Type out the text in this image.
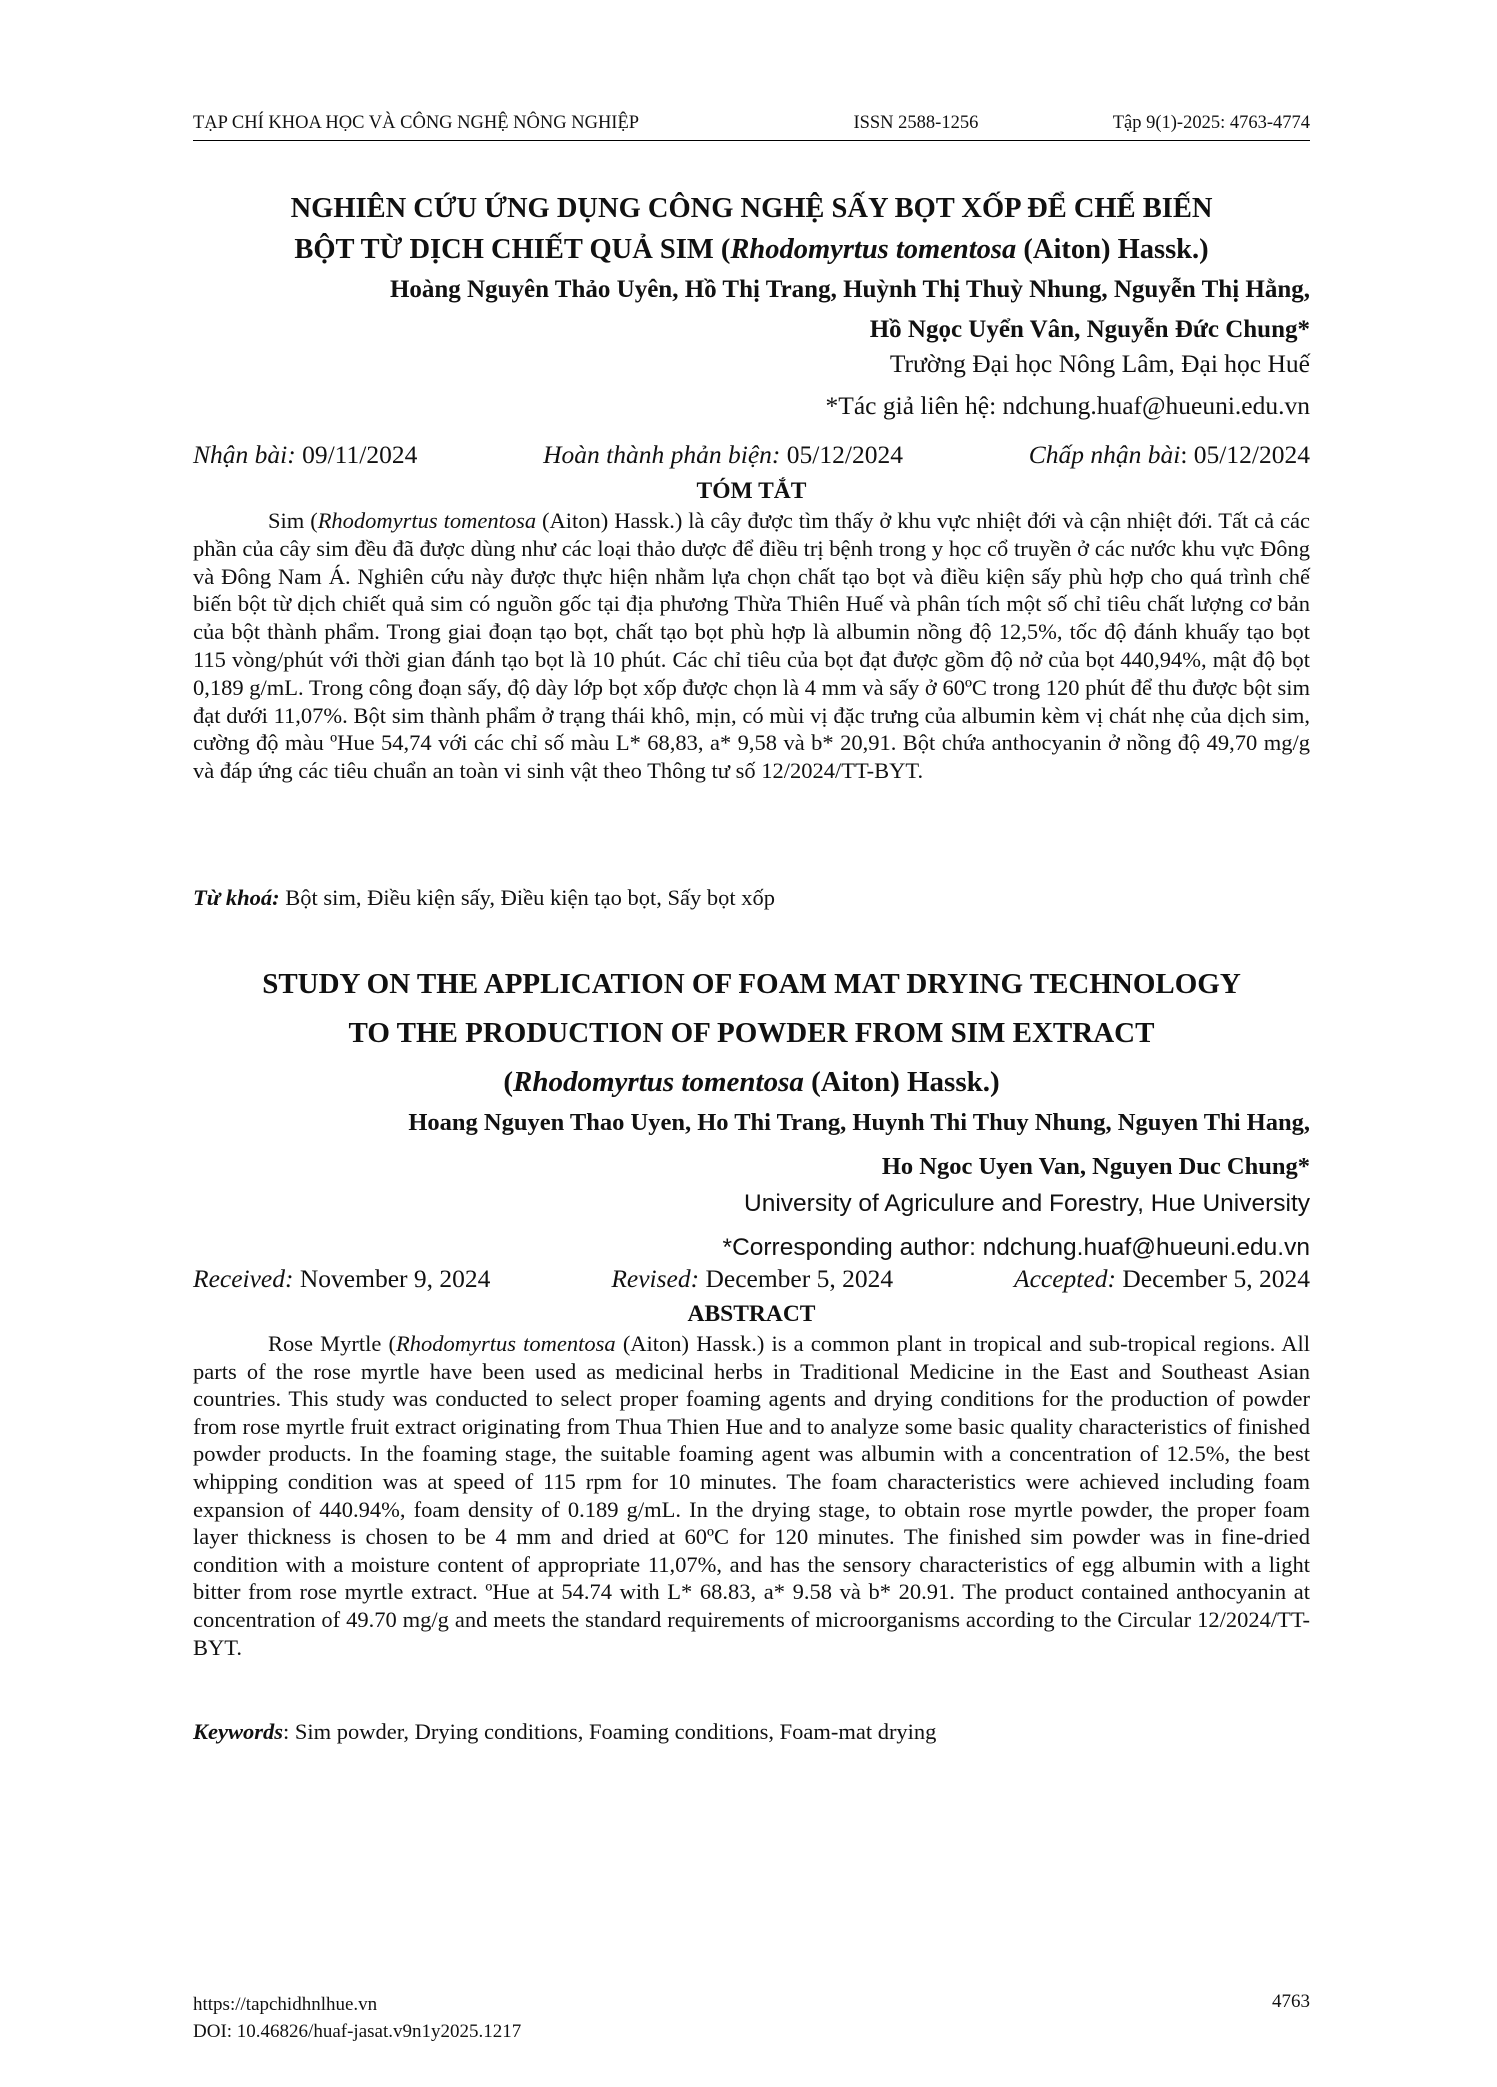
TẠP CHÍ KHOA HỌC VÀ CÔNG NGHỆ NÔNG NGHIỆP	ISSN 2588-1256	Tập 9(1)-2025: 4763-4774
NGHIÊN CỨU ỨNG DỤNG CÔNG NGHỆ SẤY BỌT XỐP ĐỂ CHẾ BIẾN
BỘT TỪ DỊCH CHIẾT QUẢ SIM (Rhodomyrtus tomentosa (Aiton) Hassk.)
Hoàng Nguyên Thảo Uyên, Hồ Thị Trang, Huỳnh Thị Thuỳ Nhung, Nguyễn Thị Hằng,
Hồ Ngọc Uyển Vân, Nguyễn Đức Chung*
Trường Đại học Nông Lâm, Đại học Huế
*Tác giả liên hệ: ndchung.huaf@hueuni.edu.vn
Nhận bài: 09/11/2024	Hoàn thành phản biện: 05/12/2024	Chấp nhận bài: 05/12/2024
TÓM TẮT

Sim (Rhodomyrtus tomentosa (Aiton) Hassk.) là cây được tìm thấy ở khu vực nhiệt đới và cận nhiệt đới. Tất cả các phần của cây sim đều đã được dùng như các loại thảo dược để điều trị bệnh trong y học cổ truyền ở các nước khu vực Đông và Đông Nam Á. Nghiên cứu này được thực hiện nhằm lựa chọn chất tạo bọt và điều kiện sấy phù hợp cho quá trình chế biến bột từ dịch chiết quả sim có nguồn gốc tại địa phương Thừa Thiên Huế và phân tích một số chỉ tiêu chất lượng cơ bản của bột thành phẩm. Trong giai đoạn tạo bọt, chất tạo bọt phù hợp là albumin nồng độ 12,5%, tốc độ đánh khuấy tạo bọt 115 vòng/phút với thời gian đánh tạo bọt là 10 phút. Các chỉ tiêu của bọt đạt được gồm độ nở của bọt 440,94%, mật độ bọt 0,189 g/mL. Trong công đoạn sấy, độ dày lớp bọt xốp được chọn là 4 mm và sấy ở 60ºC trong 120 phút để thu được bột sim đạt dưới 11,07%. Bột sim thành phẩm ở trạng thái khô, mịn, có mùi vị đặc trưng của albumin kèm vị chát nhẹ của dịch sim, cường độ màu ºHue 54,74 với các chỉ số màu L* 68,83, a* 9,58 và b* 20,91. Bột chứa anthocyanin ở nồng độ 49,70 mg/g và đáp ứng các tiêu chuẩn an toàn vi sinh vật theo Thông tư số 12/2024/TT-BYT.

Từ khoá: Bột sim, Điều kiện sấy, Điều kiện tạo bọt, Sấy bọt xốp
STUDY ON THE APPLICATION OF FOAM MAT DRYING TECHNOLOGY
TO THE PRODUCTION OF POWDER FROM SIM EXTRACT
(Rhodomyrtus tomentosa (Aiton) Hassk.)
Hoang Nguyen Thao Uyen, Ho Thi Trang, Huynh Thi Thuy Nhung, Nguyen Thi Hang,
Ho Ngoc Uyen Van, Nguyen Duc Chung*
University of Agriculure and Forestry, Hue University
*Corresponding author: ndchung.huaf@hueuni.edu.vn
Received: November 9, 2024	Revised: December 5, 2024	Accepted: December 5, 2024
ABSTRACT

Rose Myrtle (Rhodomyrtus tomentosa (Aiton) Hassk.) is a common plant in tropical and sub-tropical regions. All parts of the rose myrtle have been used as medicinal herbs in Traditional Medicine in the East and Southeast Asian countries. This study was conducted to select proper foaming agents and drying conditions for the production of powder from rose myrtle fruit extract originating from Thua Thien Hue and to analyze some basic quality characteristics of finished powder products. In the foaming stage, the suitable foaming agent was albumin with a concentration of 12.5%, the best whipping condition was at speed of 115 rpm for 10 minutes. The foam characteristics were achieved including foam expansion of 440.94%, foam density of 0.189 g/mL. In the drying stage, to obtain rose myrtle powder, the proper foam layer thickness is chosen to be 4 mm and dried at 60ºC for 120 minutes. The finished sim powder was in fine-dried condition with a moisture content of appropriate 11,07%, and has the sensory characteristics of egg albumin with a light bitter from rose myrtle extract. ºHue at 54.74 with L* 68.83, a* 9.58 và b* 20.91. The product contained anthocyanin at concentration of 49.70 mg/g and meets the standard requirements of microorganisms according to the Circular 12/2024/TT-BYT.

Keywords: Sim powder, Drying conditions, Foaming conditions, Foam-mat drying
https://tapchidhnlhue.vn
DOI: 10.46826/huaf-jasat.v9n1y2025.1217
4763
